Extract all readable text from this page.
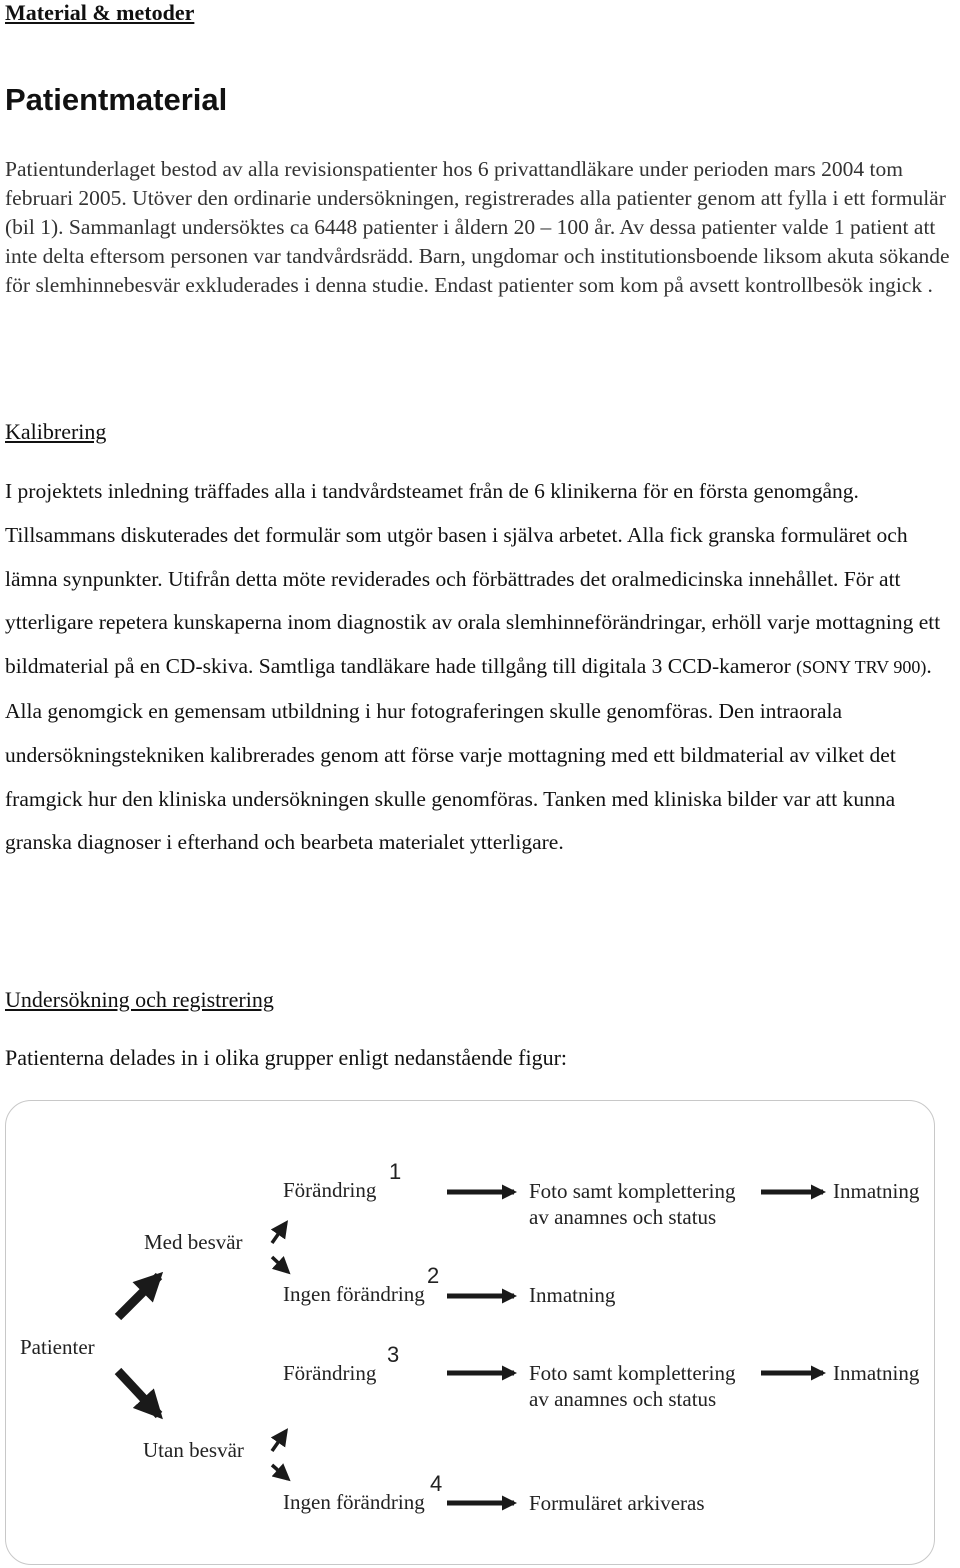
Material & metoder
Patientmaterial
Patientunderlaget bestod av alla revisionspatienter hos 6 privattandläkare under perioden mars 2004 tom februari 2005. Utöver den ordinarie undersökningen, registrerades alla patienter genom att fylla i ett formulär (bil 1). Sammanlagt undersöktes ca 6448 patienter i åldern 20 – 100 år. Av dessa patienter valde 1 patient att inte delta eftersom personen var tandvårdsrädd. Barn, ungdomar och institutionsboende liksom akuta sökande för slemhinnebesvär exkluderades i denna studie. Endast patienter som kom på avsett kontrollbesök ingick .
Kalibrering
I projektets inledning träffades alla i tandvårdsteamet från de 6 klinikerna för en första genomgång. Tillsammans diskuterades det formulär som utgör basen i själva arbetet. Alla fick granska formuläret och lämna synpunkter. Utifrån detta möte reviderades och förbättrades det oralmedicinska innehållet. För att ytterligare repetera kunskaperna inom diagnostik av orala slemhinneförändringar, erhöll varje mottagning ett bildmaterial på en CD-skiva. Samtliga tandläkare hade tillgång till digitala 3 CCD-kameror (SONY TRV 900). Alla genomgick en gemensam utbildning i hur fotograferingen skulle genomföras. Den intraorala undersökningstekniken kalibrerades genom att förse varje mottagning med ett bildmaterial av vilket det framgick hur den kliniska undersökningen skulle genomföras. Tanken med kliniska bilder var att kunna granska diagnoser i efterhand och bearbeta materialet ytterligare.
Undersökning och registrering
Patienterna delades in i olika grupper enligt nedanstående figur:
Patienter
Med besvär
Utan besvär
Förändring
1
Foto samt komplettering
av anamnes och status
Inmatning
Ingen förändring
2
Inmatning
Förändring
3
Foto samt komplettering
av anamnes och status
Inmatning
Ingen förändring
4
Formuläret arkiveras
